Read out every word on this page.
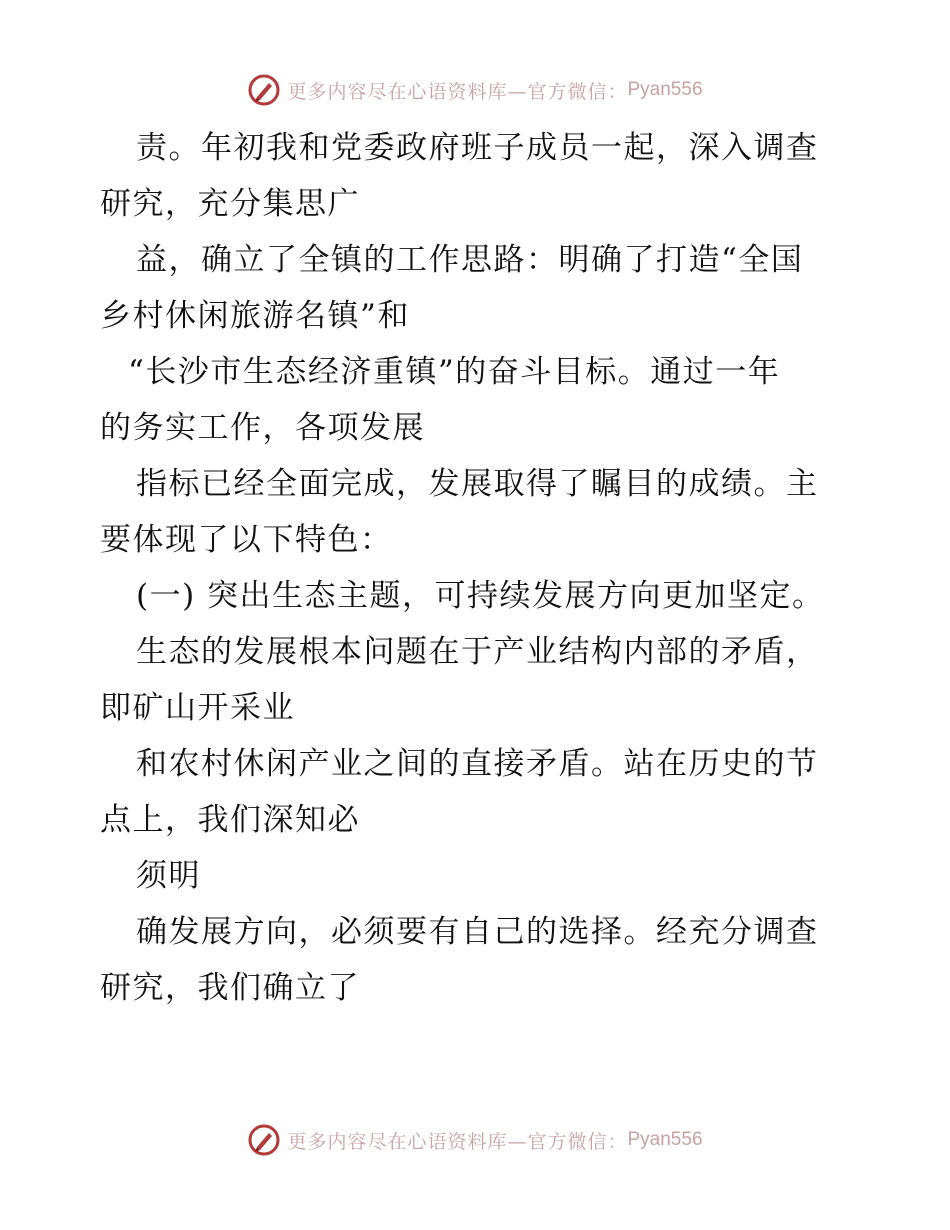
更多内容尽在心语资料库—官方微信： Pyan556
责。年初我和党委政府班子成员一起，深入调查
研究，充分集思广
益，确立了全镇的工作思路：明确了打造“全国
乡村休闲旅游名镇”和
“长沙市生态经济重镇”的奋斗目标。通过一年
的务实工作，各项发展
指标已经全面完成，发展取得了瞩目的成绩。主
要体现了以下特色：
(一) 突出生态主题，可持续发展方向更加坚定。
生态的发展根本问题在于产业结构内部的矛盾，
即矿山开采业
和农村休闲产业之间的直接矛盾。站在历史的节
点上，我们深知必
须明
确发展方向，必须要有自己的选择。经充分调查
研究，我们确立了
更多内容尽在心语资料库—官方微信： Pyan556
